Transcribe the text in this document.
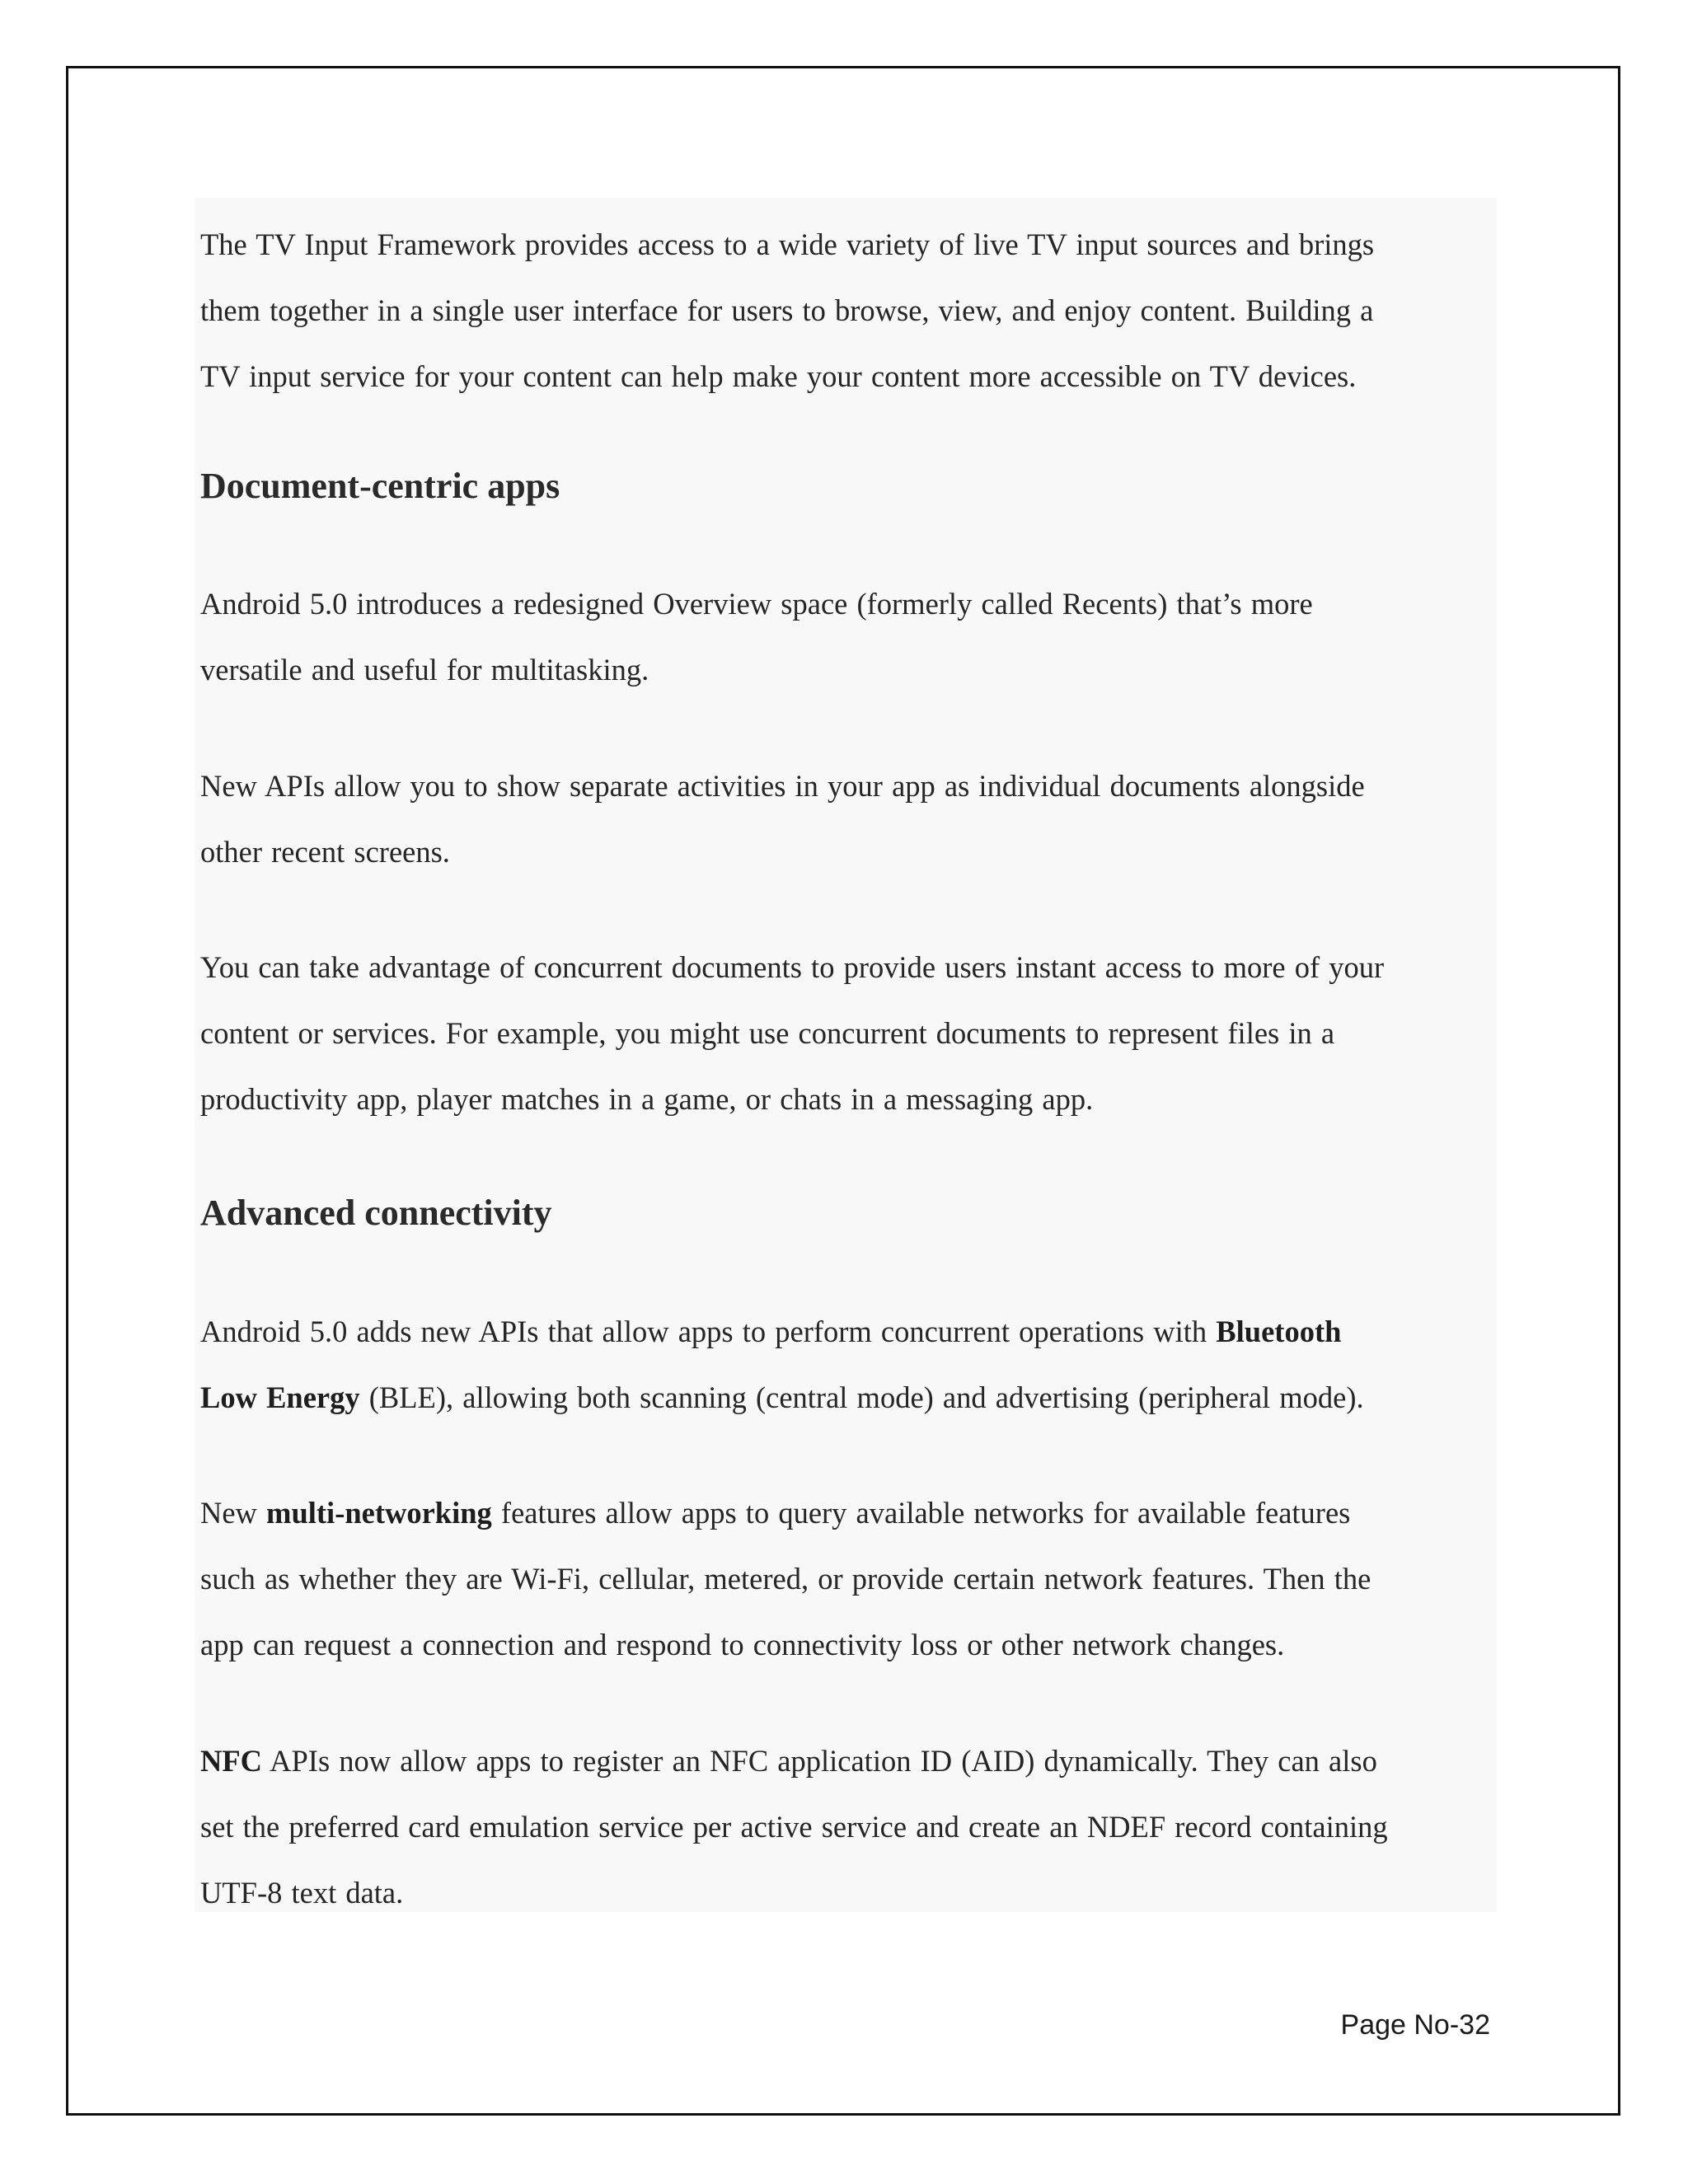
The TV Input Framework provides access to a wide variety of live TV input sources and brings
them together in a single user interface for users to browse, view, and enjoy content. Building a
TV input service for your content can help make your content more accessible on TV devices.

Document-centric apps

Android 5.0 introduces a redesigned Overview space (formerly called Recents) that’s more
versatile and useful for multitasking.

New APIs allow you to show separate activities in your app as individual documents alongside
other recent screens.

You can take advantage of concurrent documents to provide users instant access to more of your
content or services. For example, you might use concurrent documents to represent files in a
productivity app, player matches in a game, or chats in a messaging app.

Advanced connectivity

Android 5.0 adds new APIs that allow apps to perform concurrent operations with Bluetooth
Low Energy (BLE), allowing both scanning (central mode) and advertising (peripheral mode).

New multi-networking features allow apps to query available networks for available features
such as whether they are Wi-Fi, cellular, metered, or provide certain network features. Then the
app can request a connection and respond to connectivity loss or other network changes.

NFC APIs now allow apps to register an NFC application ID (AID) dynamically. They can also
set the preferred card emulation service per active service and create an NDEF record containing
UTF-8 text data.

Page No-32
